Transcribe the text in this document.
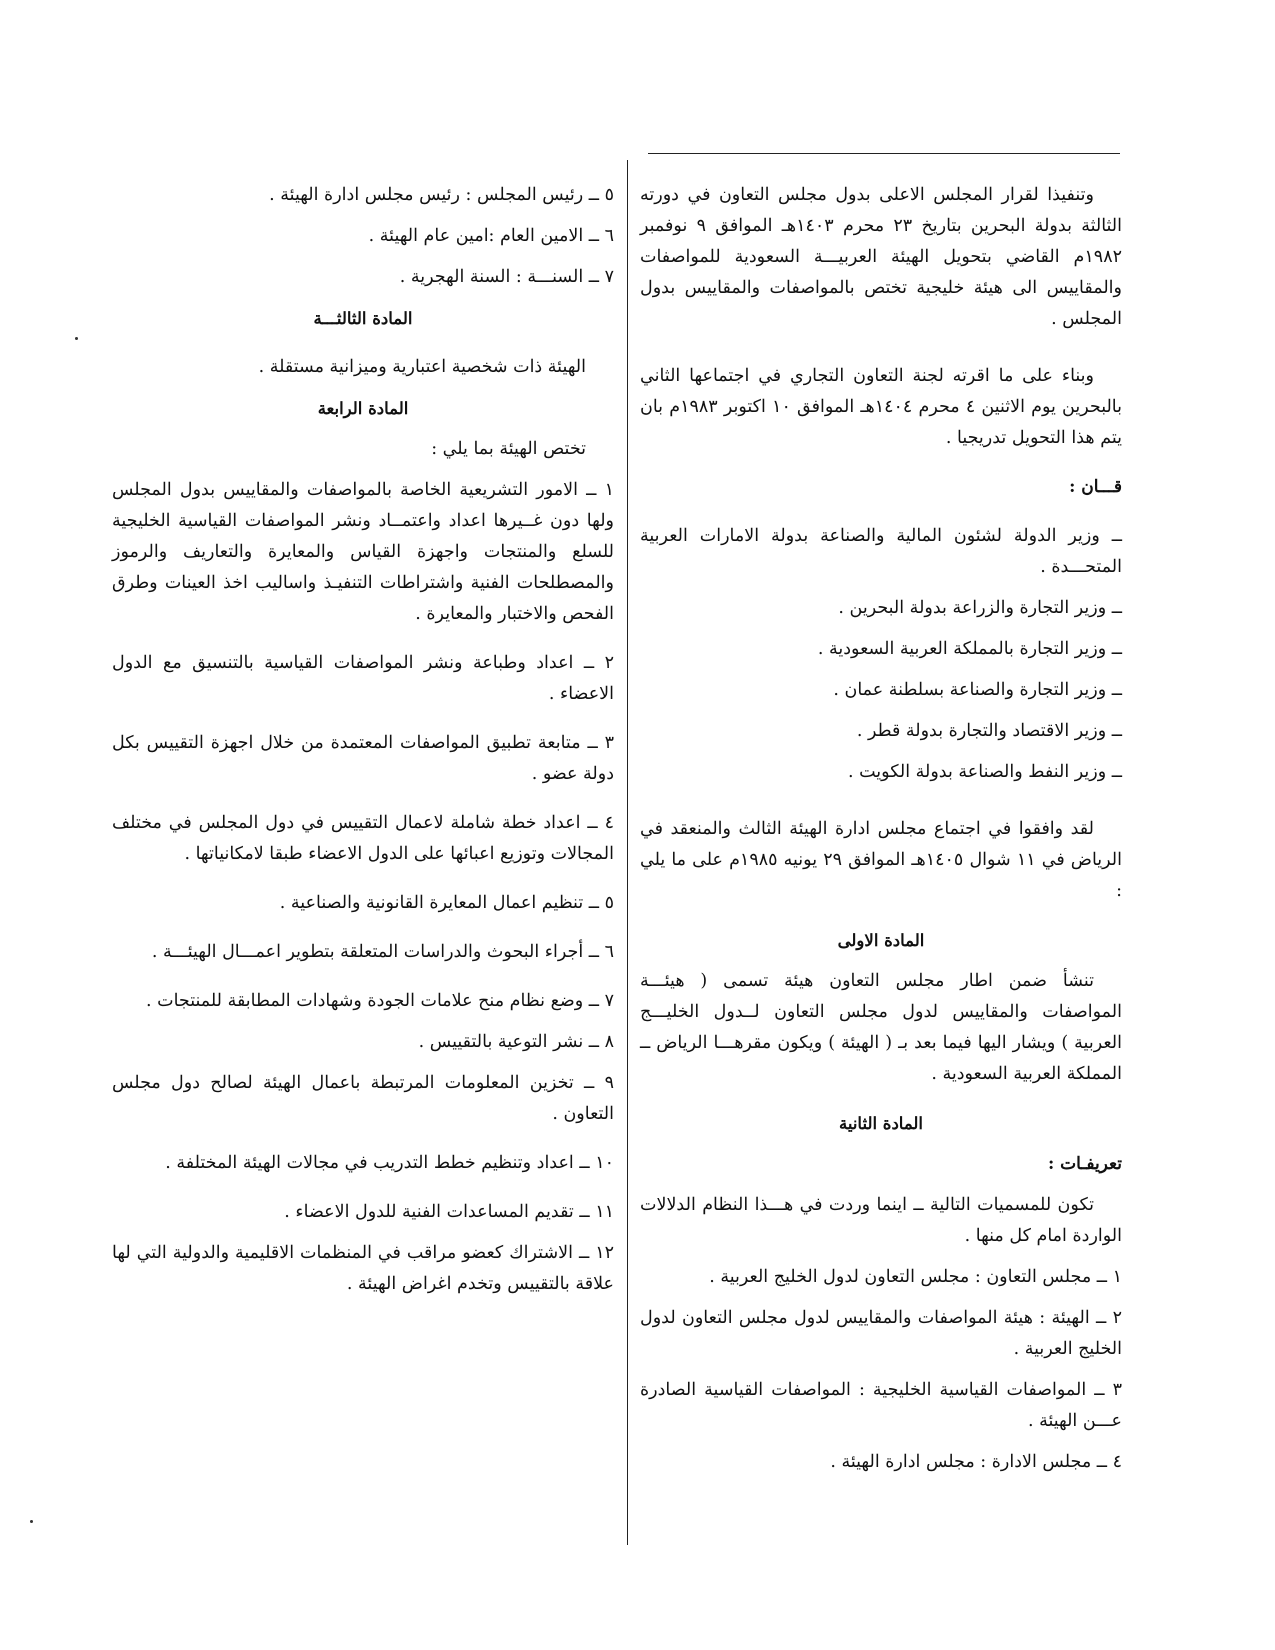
وتنفيذا لقرار المجلس الاعلى بدول مجلس التعاون في دورته الثالثة بدولة البحرين بتاريخ ٢٣ محرم ١٤٠٣هـ الموافق ٩ نوفمبر ١٩٨٢م القاضي بتحويل الهيئة العربيـــة السعودية للمواصفات والمقاييس الى هيئة خليجية تختص بالمواصفات والمقاييس بدول المجلس .

وبناء على ما اقرته لجنة التعاون التجاري في اجتماعها الثاني بالبحرين يوم الاثنين ٤ محرم ١٤٠٤هـ الموافق ١٠ اكتوبر ١٩٨٣م بان يتم هذا التحويل تدريجيا .

قـــان :

ــ وزير الدولة لشئون المالية والصناعة بدولة الامارات العربية المتحـــدة .

ــ وزير التجارة والزراعة بدولة البحرين .

ــ وزير التجارة بالمملكة العربية السعودية .

ــ وزير التجارة والصناعة بسلطنة عمان .

ــ وزير الاقتصاد والتجارة بدولة قطر .

ــ وزير النفط والصناعة بدولة الكويت .

لقد وافقوا في اجتماع مجلس ادارة الهيئة الثالث والمنعقد في الرياض في ١١ شوال ١٤٠٥هـ الموافق ٢٩ يونيه ١٩٨٥م على ما يلي :

المادة الاولى

تنشأ ضمن اطار مجلس التعاون هيئة تسمى ( هيئـــة المواصفات والمقاييس لدول مجلس التعاون لــدول الخليـــج العربية ) ويشار اليها فيما بعد بـ ( الهيئة ) ويكون مقرهـــا الرياض ــ المملكة العربية السعودية .

المادة الثانية

تعريفـات :

تكون للمسميات التالية ــ اينما وردت في هـــذا النظام الدلالات الواردة امام كل منها .

١ ــ مجلس التعاون : مجلس التعاون لدول الخليج العربية .

٢ ــ الهيئة : هيئة المواصفات والمقاييس لدول مجلس التعاون لدول الخليج العربية .

٣ ــ المواصفات القياسية الخليجية : المواصفات القياسية الصادرة عـــن الهيئة .

٤ ــ مجلس الادارة : مجلس ادارة الهيئة .

٥ ــ رئيس المجلس : رئيس مجلس ادارة الهيئة .

٦ ــ الامين العام :امين عام الهيئة .

٧ ــ السنـــة : السنة الهجرية .

المادة الثالثـــة

الهيئة ذات شخصية اعتبارية وميزانية مستقلة .

المادة الرابعة

تختص الهيئة بما يلي :

١ ــ الامور التشريعية الخاصة بالمواصفات والمقاييس بدول المجلس ولها دون غــيرها اعداد واعتمــاد ونشر المواصفات القياسية الخليجية للسلع والمنتجات واجهزة القياس والمعايرة والتعاريف والرموز والمصطلحات الفنية واشتراطات التنفيـذ واساليب اخذ العينات وطرق الفحص والاختبار والمعايرة .

٢ ــ اعداد وطباعة ونشر المواصفات القياسية بالتنسيق مع الدول الاعضاء .

٣ ــ متابعة تطبيق المواصفات المعتمدة من خلال اجهزة التقييس بكل دولة عضو .

٤ ــ اعداد خطة شاملة لاعمال التقييس في دول المجلس في مختلف المجالات وتوزيع اعبائها على الدول الاعضاء طبقا لامكانياتها .

٥ ــ تنظيم اعمال المعايرة القانونية والصناعية .

٦ ــ أجراء البحوث والدراسات المتعلقة بتطوير اعمـــال الهيئـــة .

٧ ــ وضع نظام منح علامات الجودة وشهادات المطابقة للمنتجات .

٨ ــ نشر التوعية بالتقييس .

٩ ــ تخزين المعلومات المرتبطة باعمال الهيئة لصالح دول مجلس التعاون .

١٠ ــ اعداد وتنظيم خطط التدريب في مجالات الهيئة المختلفة .

١١ ــ تقديم المساعدات الفنية للدول الاعضاء .

١٢ ــ الاشتراك كعضو مراقب في المنظمات الاقليمية والدولية التي لها علاقة بالتقييس وتخدم اغراض الهيئة .
